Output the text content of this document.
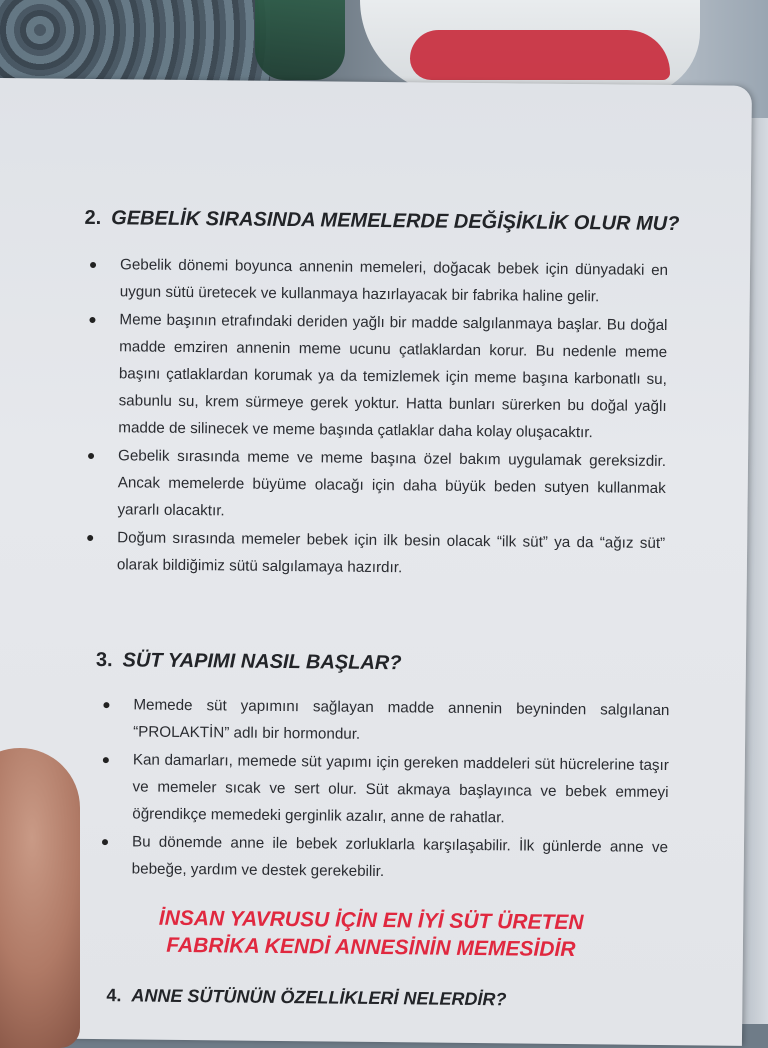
2. GEBELİK SIRASINDA MEMELERDE DEĞİŞİKLİK OLUR MU?
Gebelik dönemi boyunca annenin memeleri, doğacak bebek için dünyadaki en uygun sütü üretecek ve kullanmaya hazırlayacak bir fabrika haline gelir.
Meme başının etrafındaki deriden yağlı bir madde salgılanmaya başlar. Bu doğal madde emziren annenin meme ucunu çatlaklardan korur. Bu nedenle meme başını çatlaklardan korumak ya da temizlemek için meme başına karbonatlı su, sabunlu su, krem sürmeye gerek yoktur. Hatta bunları sürerken bu doğal yağlı madde de silinecek ve meme başında çatlaklar daha kolay oluşacaktır.
Gebelik sırasında meme ve meme başına özel bakım uygulamak gereksizdir. Ancak memelerde büyüme olacağı için daha büyük beden sutyen kullanmak yararlı olacaktır.
Doğum sırasında memeler bebek için ilk besin olacak “ilk süt” ya da “ağız süt” olarak bildiğimiz sütü salgılamaya hazırdır.
3. SÜT YAPIMI NASIL BAŞLAR?
Memede süt yapımını sağlayan madde annenin beyninden salgılanan “PROLAKTİN” adlı bir hormondur.
Kan damarları, memede süt yapımı için gereken maddeleri süt hücrelerine taşır ve memeler sıcak ve sert olur. Süt akmaya başlayınca ve bebek emmeyi öğrendikçe memedeki gerginlik azalır, anne de rahatlar.
Bu dönemde anne ile bebek zorluklarla karşılaşabilir. İlk günlerde anne ve bebeğe, yardım ve destek gerekebilir.
İNSAN YAVRUSU İÇİN EN İYİ SÜT ÜRETEN
FABRİKA KENDİ ANNESİNİN MEMESİDİR
4. ANNE SÜTÜNÜN ÖZELLİKLERİ NELERDİR?
